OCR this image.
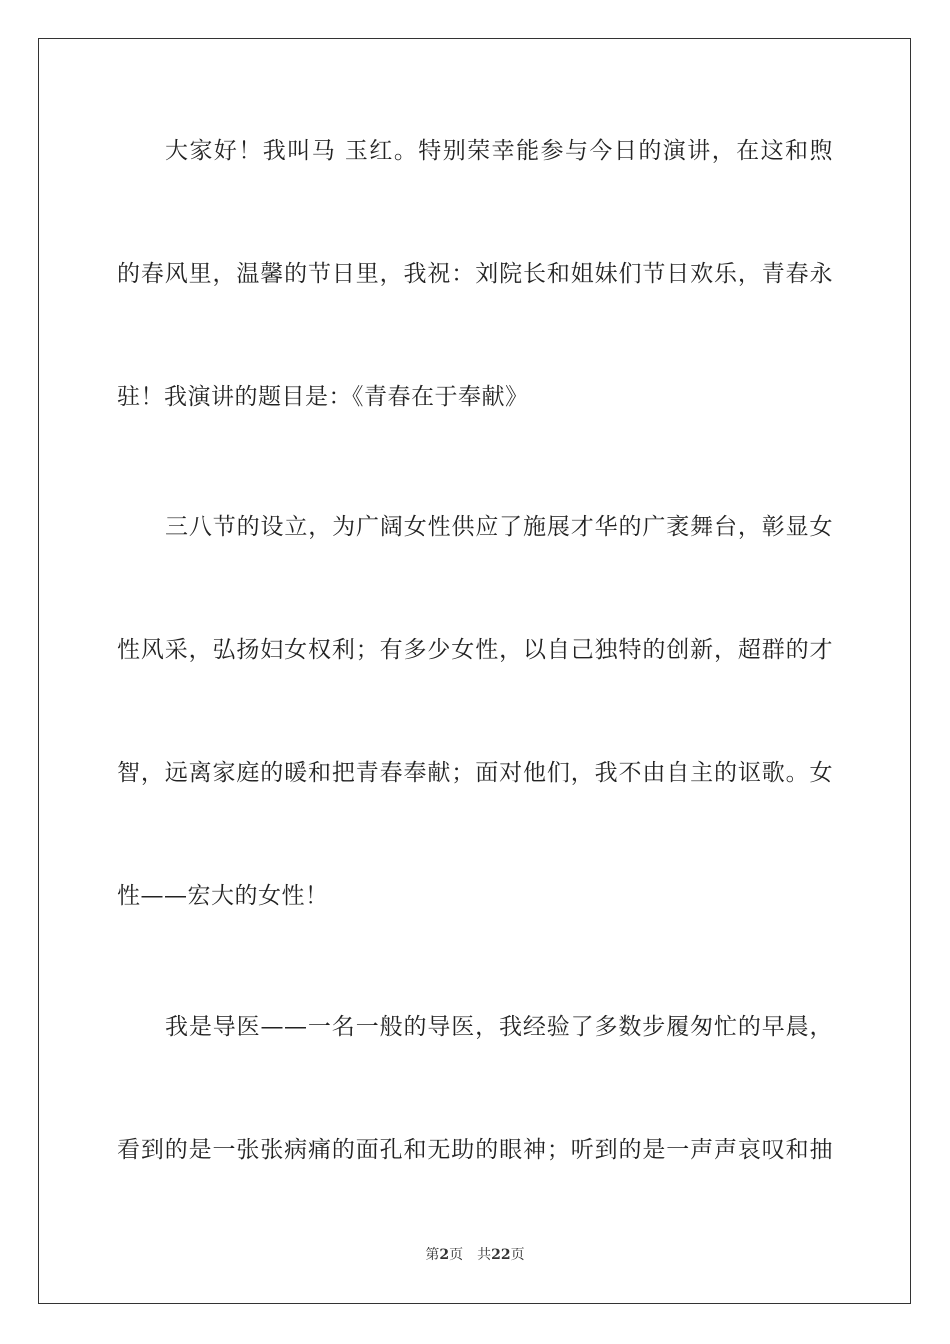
大家好！我叫马 玉红。特别荣幸能参与今日的演讲，在这和煦
的春风里，温馨的节日里，我祝：刘院长和姐妹们节日欢乐，青春永
驻！我演讲的题目是：《青春在于奉献》
三八节的设立，为广阔女性供应了施展才华的广袤舞台，彰显女
性风采，弘扬妇女权利；有多少女性，以自己独特的创新，超群的才
智，远离家庭的暖和把青春奉献；面对他们，我不由自主的讴歌。女
性——宏大的女性！
我是导医——一名一般的导医，我经验了多数步履匆忙的早晨，
看到的是一张张病痛的面孔和无助的眼神；听到的是一声声哀叹和抽
第2页 共22页
